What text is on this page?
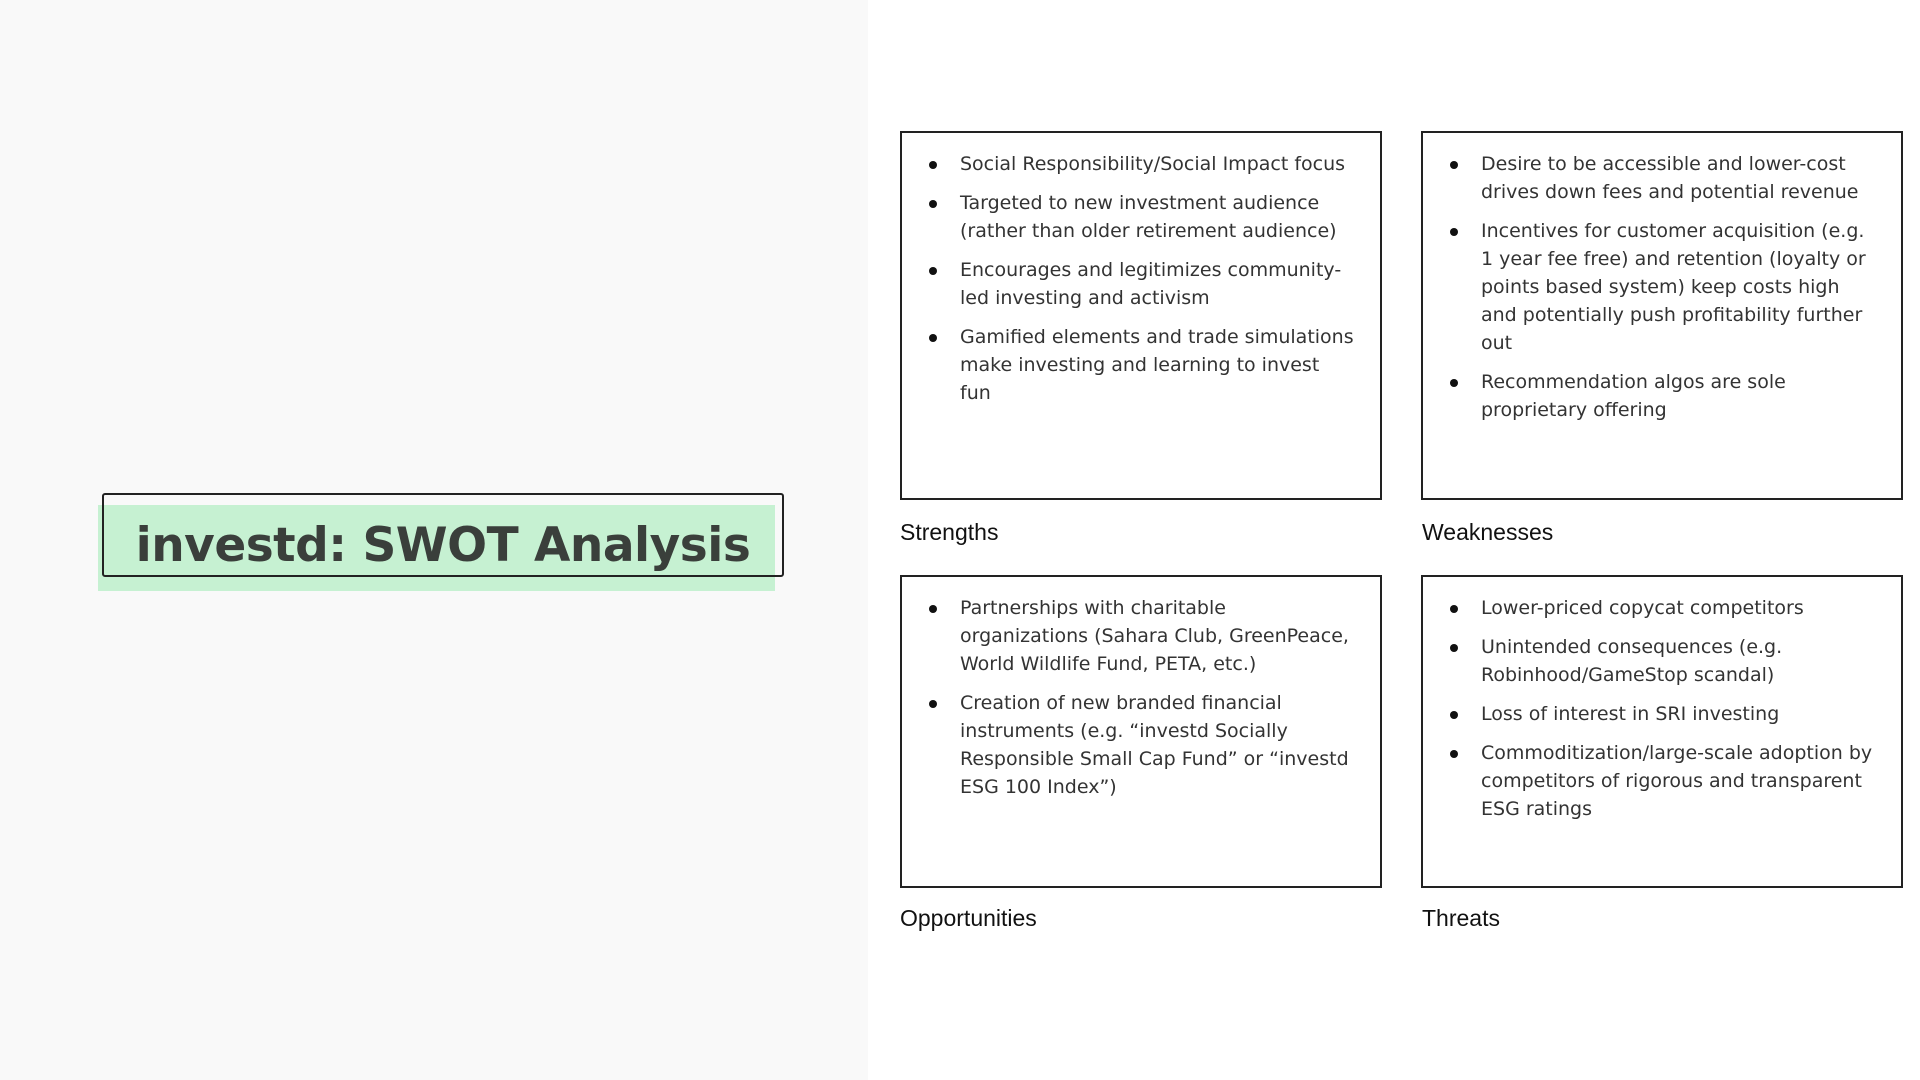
investd: SWOT Analysis
Social Responsibility/Social Impact focus
Targeted to new investment audience (rather than older retirement audience)
Encourages and legitimizes community-led investing and activism
Gamified elements and trade simulations make investing and learning to invest fun
Strengths
Desire to be accessible and lower-cost drives down fees and potential revenue
Incentives for customer acquisition (e.g. 1 year fee free) and retention (loyalty or points based system) keep costs high and potentially push profitability further out
Recommendation algos are sole proprietary offering
Weaknesses
Partnerships with charitable organizations (Sahara Club, GreenPeace, World Wildlife Fund, PETA, etc.)
Creation of new branded financial instruments (e.g. “investd Socially Responsible Small Cap Fund” or “investd ESG 100 Index”)
Opportunities
Lower-priced copycat competitors
Unintended consequences (e.g. Robinhood/GameStop scandal)
Loss of interest in SRI investing
Commoditization/large-scale adoption by competitors of rigorous and transparent ESG ratings
Threats
